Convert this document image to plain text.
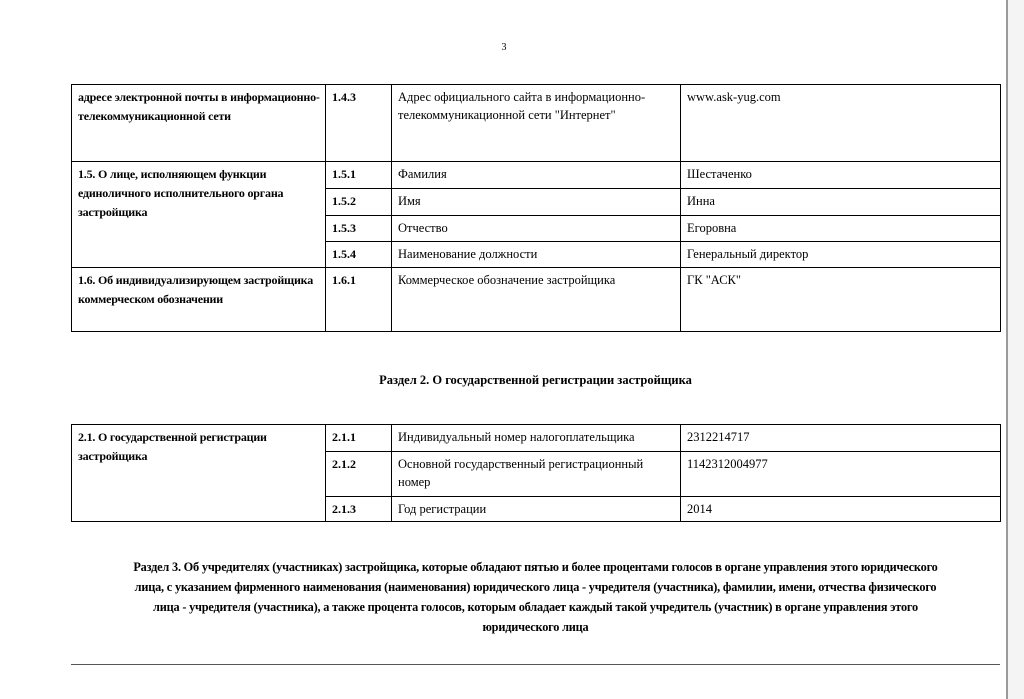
3
адресе электронной почты в информационно-телекоммуникационной сети	1.4.3	Адрес официального сайта в информационно-телекоммуникационной сети "Интернет"	www.ask-yug.com
1.5. О лице, исполняющем функции единоличного исполнительного органа застройщика	1.5.1	Фамилия	Шестаченко
	1.5.2	Имя	Инна
	1.5.3	Отчество	Егоровна
	1.5.4	Наименование должности	Генеральный директор
1.6. Об индивидуализирующем застройщика коммерческом обозначении	1.6.1	Коммерческое обозначение застройщика	ГК "АСК"
Раздел 2. О государственной регистрации застройщика
2.1. О государственной регистрации застройщика	2.1.1	Индивидуальный номер налогоплательщика	2312214717
	2.1.2	Основной государственный регистрационный номер	1142312004977
	2.1.3	Год регистрации	2014
Раздел 3. Об учредителях (участниках) застройщика, которые обладают пятью и более процентами голосов в органе управления этого юридического
лица, с указанием фирменного наименования (наименования) юридического лица - учредителя (участника), фамилии, имени, отчества физического
лица - учредителя (участника), а также процента голосов, которым обладает каждый такой учредитель (участник) в органе управления этого
юридического лица
